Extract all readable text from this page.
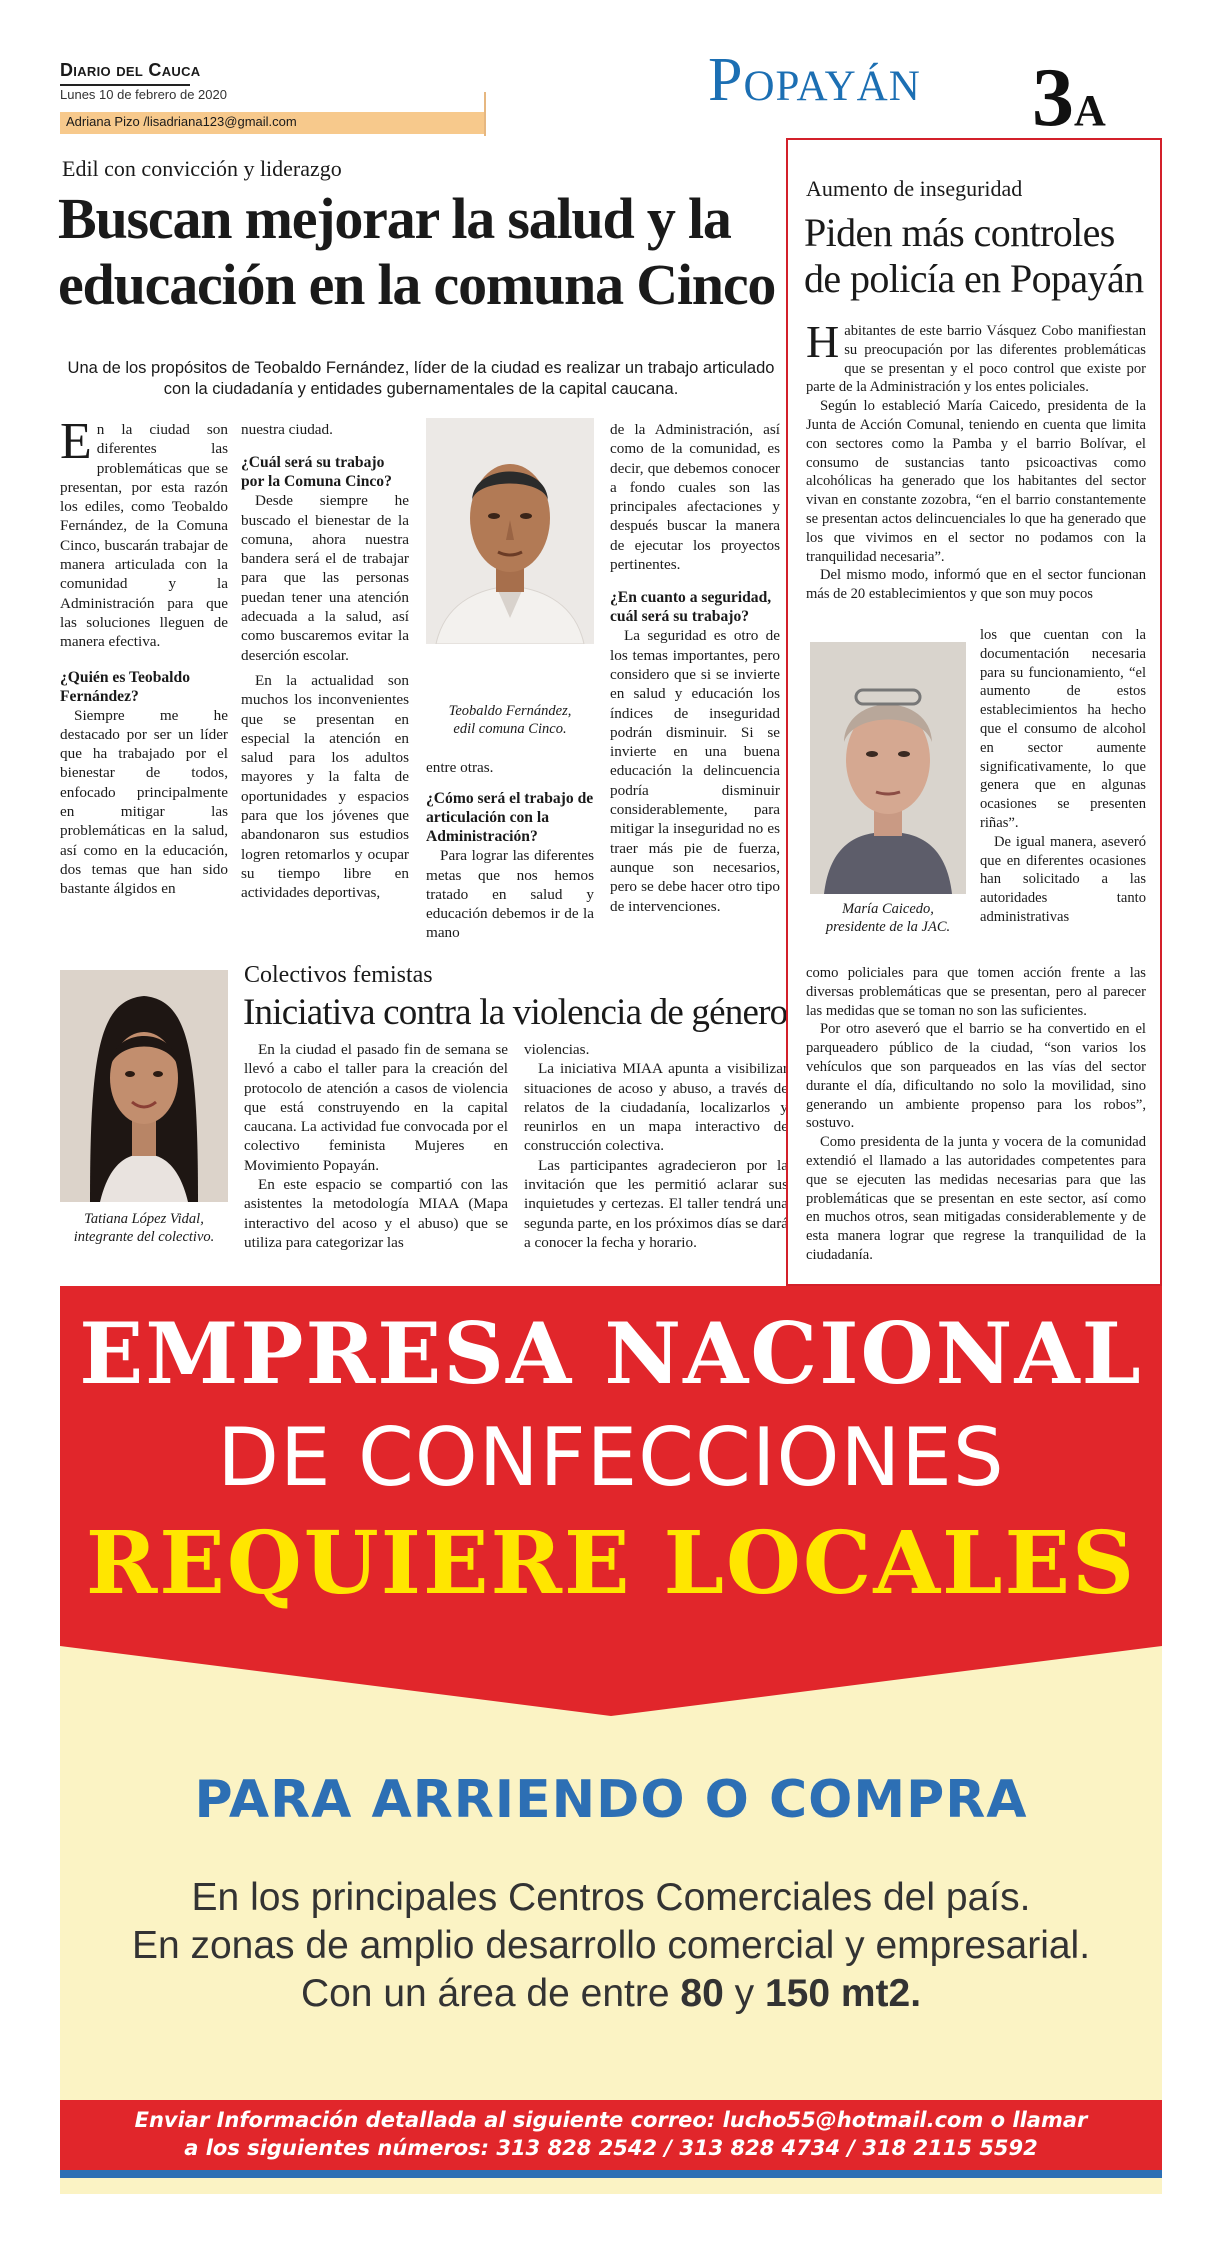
Diario del Cauca
Lunes 10 de febrero de 2020
Adriana Pizo /lisadriana123@gmail.com
Popayán 3A
Edil con convicción y liderazgo
Buscan mejorar la salud y la
educación en la comuna Cinco
Una de los propósitos de Teobaldo Fernández, líder de la ciudad es realizar un trabajo articulado con la ciudadanía y entidades gubernamentales de la capital caucana.

En la ciudad son diferentes las problemáticas que se presentan, por esta razón los ediles, como Teobaldo Fernández, de la Comuna Cinco, buscarán trabajar de manera articulada con la comunidad y la Administración para que las soluciones lleguen de manera efectiva.

¿Quién es Teobaldo Fernández?

Siempre me he destacado por ser un líder que ha trabajado por el bienestar de todos, enfocado principalmente en mitigar las problemáticas en la salud, así como en la educación, dos temas que han sido bastante álgidos en

nuestra ciudad.

¿Cuál será su trabajo por la Comuna Cinco?

Desde siempre he buscado el bienestar de la comuna, ahora nuestra bandera será el de trabajar para que las personas puedan tener una atención adecuada a la salud, así como buscaremos evitar la deserción escolar.

En la actualidad son muchos los inconvenientes que se presentan en especial la atención en salud para los adultos mayores y la falta de oportunidades y espacios para que los jóvenes que abandonaron sus estudios logren retomarlos y ocupar su tiempo libre en actividades deportivas,

Teobaldo Fernández,
edil comuna Cinco.

entre otras.

¿Cómo será el trabajo de articulación con la Administración?

Para lograr las diferentes metas que nos hemos tratado en salud y educación debemos ir de la mano

de la Administración, así como de la comunidad, es decir, que debemos conocer a fondo cuales son las principales afectaciones y después buscar la manera de ejecutar los proyectos pertinentes.

¿En cuanto a seguridad, cuál será su trabajo?

La seguridad es otro de los temas importantes, pero considero que si se invierte en salud y educación los índices de inseguridad podrán disminuir. Si se invierte en una buena educación la delincuencia podría disminuir considerablemente, para mitigar la inseguridad no es traer más pie de fuerza, aunque son necesarios, pero se debe hacer otro tipo de intervenciones.

Tatiana López Vidal,
integrante del colectivo.
Colectivos femistas
Iniciativa contra la violencia de género

En la ciudad el pasado fin de semana se llevó a cabo el taller para la creación del protocolo de atención a casos de violencia que está construyendo en la capital caucana. La actividad fue convocada por el colectivo feminista Mujeres en Movimiento Popayán.

En este espacio se compartió con las asistentes la metodología MIAA (Mapa interactivo del acoso y el abuso) que se utiliza para categorizar las

violencias.

La iniciativa MIAA apunta a visibilizar situaciones de acoso y abuso, a través de relatos de la ciudadanía, localizarlos y reunirlos en un mapa interactivo de construcción colectiva.

Las participantes agradecieron por la invitación que les permitió aclarar sus inquietudes y certezas. El taller tendrá una segunda parte, en los próximos días se dará a conocer la fecha y horario.

Aumento de inseguridad
Piden más controles
de policía en Popayán

Habitantes de este barrio Vásquez Cobo manifiestan su preocupación por las diferentes problemáticas que se presentan y el poco control que existe por parte de la Administración y los entes policiales.

Según lo estableció María Caicedo, presidenta de la Junta de Acción Comunal, teniendo en cuenta que limita con sectores como la Pamba y el barrio Bolívar, el consumo de sustancias tanto psicoactivas como alcohólicas ha generado que los habitantes del sector vivan en constante zozobra, “en el barrio constantemente se presentan actos delincuenciales lo que ha generado que los que vivimos en el sector no podamos con la tranquilidad necesaria”.

Del mismo modo, informó que en el sector funcionan más de 20 establecimientos y que son muy pocos

María Caicedo,
presidente de la JAC.

los que cuentan con la documentación necesaria para su funcionamiento, “el aumento de estos establecimientos ha hecho que el consumo de alcohol en sector aumente significativamente, lo que genera que en algunas ocasiones se presenten riñas”.

De igual manera, aseveró que en diferentes ocasiones han solicitado a las autoridades tanto administrativas

como policiales para que tomen acción frente a las diversas problemáticas que se presentan, pero al parecer las medidas que se toman no son las suficientes.

Por otro aseveró que el barrio se ha convertido en el parqueadero público de la ciudad, “son varios los vehículos que son parqueados en las vías del sector durante el día, dificultando no solo la movilidad, sino generando un ambiente propenso para los robos”, sostuvo.

Como presidenta de la junta y vocera de la comunidad extendió el llamado a las autoridades competentes para que se ejecuten las medidas necesarias para que las problemáticas que se presentan en este sector, así como en muchos otros, sean mitigadas considerablemente y de esta manera lograr que regrese la tranquilidad de la ciudadanía.

EMPRESA NACIONAL
DE CONFECCIONES
REQUIERE LOCALES
PARA ARRIENDO O COMPRA
En los principales Centros Comerciales del país.
En zonas de amplio desarrollo comercial y empresarial.
Con un área de entre 80 y 150 mt2.
Enviar Información detallada al siguiente correo: lucho55@hotmail.com o llamar
a los siguientes números: 313 828 2542 / 313 828 4734 / 318 2115 5592
